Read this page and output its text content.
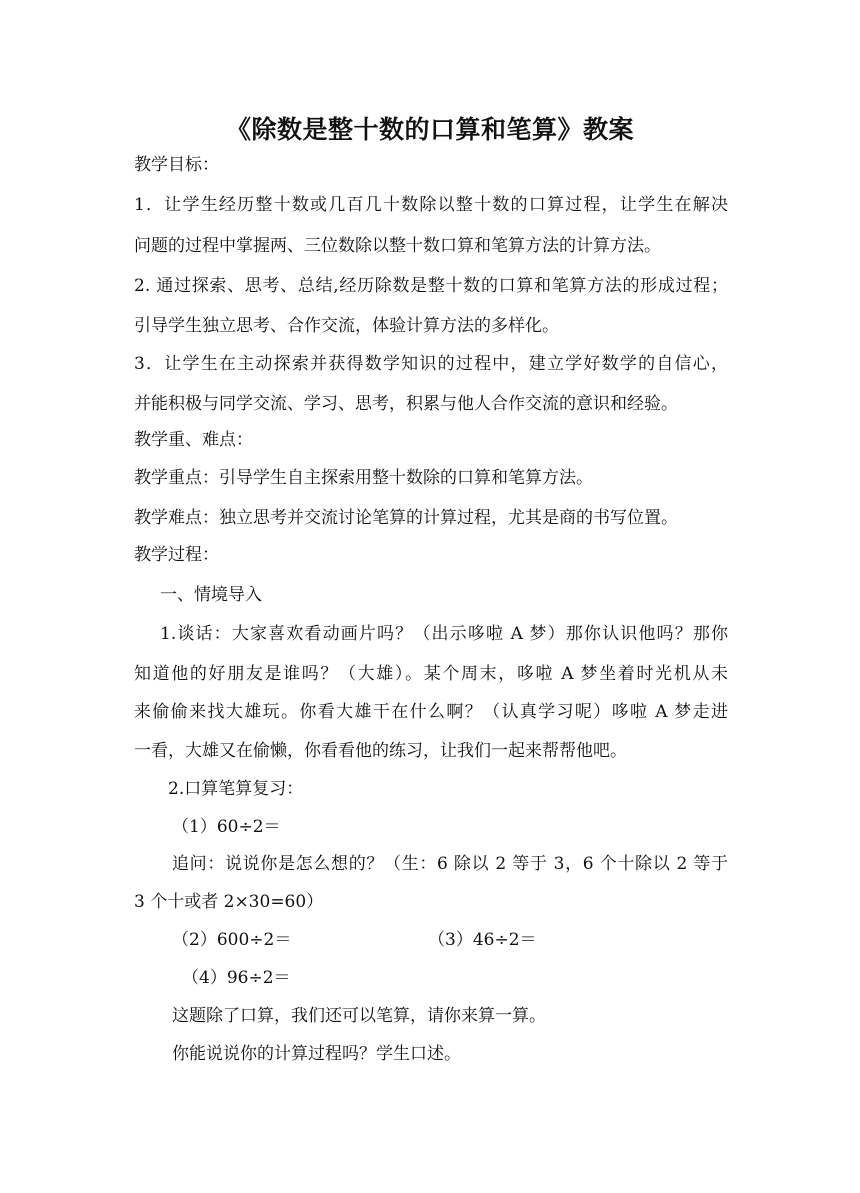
《除数是整十数的口算和笔算》教案
教学目标：
1．让学生经历整十数或几百几十数除以整十数的口算过程，让学生在解决
问题的过程中掌握两、三位数除以整十数口算和笔算方法的计算方法。
2. 通过探索、思考、总结,经历除数是整十数的口算和笔算方法的形成过程；
引导学生独立思考、合作交流，体验计算方法的多样化。
3．让学生在主动探索并获得数学知识的过程中，建立学好数学的自信心，
并能积极与同学交流、学习、思考，积累与他人合作交流的意识和经验。
教学重、难点：
教学重点：引导学生自主探索用整十数除的口算和笔算方法。
教学难点：独立思考并交流讨论笔算的计算过程，尤其是商的书写位置。
教学过程：
一、情境导入
1.谈话：大家喜欢看动画片吗？（出示哆啦 A 梦）那你认识他吗？那你
知道他的好朋友是谁吗？（大雄）。某个周末，哆啦 A 梦坐着时光机从未
来偷偷来找大雄玩。你看大雄干在什么啊？（认真学习呢）哆啦 A 梦走进
一看，大雄又在偷懒，你看看他的练习，让我们一起来帮帮他吧。
2.口算笔算复习：
（1）60÷2＝
追问：说说你是怎么想的？（生：6 除以 2 等于 3，6 个十除以 2 等于
3 个十或者 2×30=60）
（2）600÷2＝	（3）46÷2＝
（4）96÷2＝
这题除了口算，我们还可以笔算，请你来算一算。
你能说说你的计算过程吗？学生口述。
